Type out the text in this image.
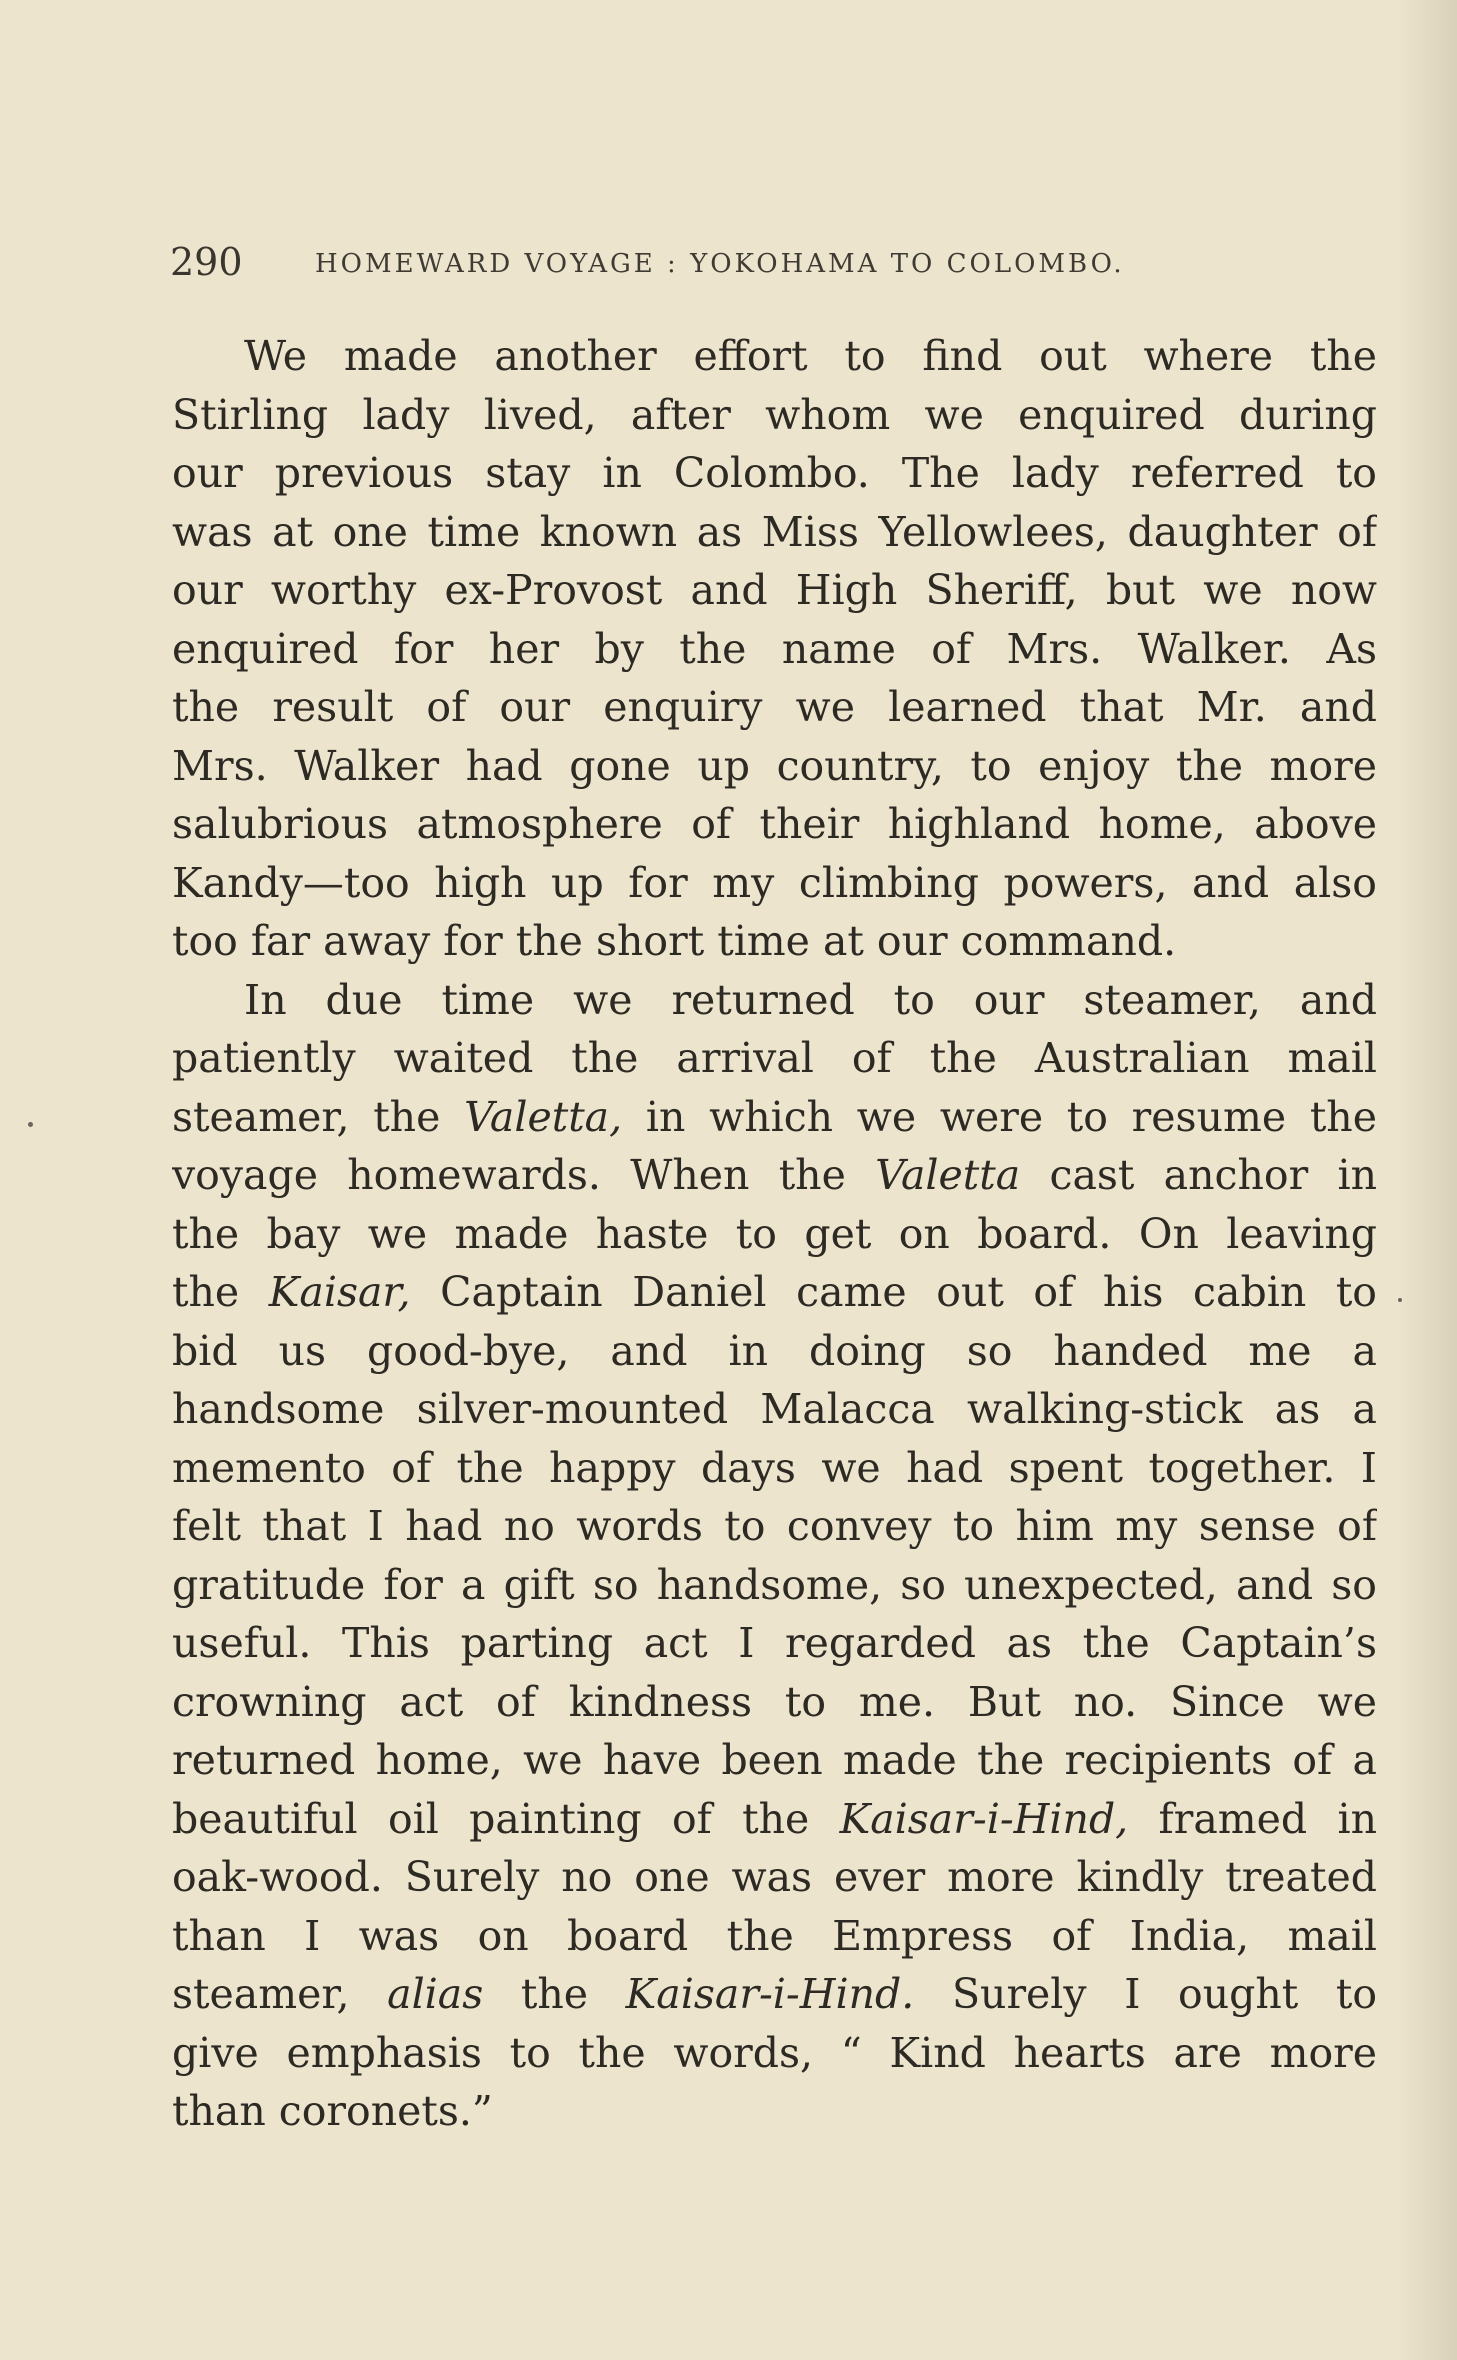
290	HOMEWARD VOYAGE : YOKOHAMA TO COLOMBO.
We made another effort to find out where the
Stirling lady lived, after whom we enquired during
our previous stay in Colombo. The lady referred to
was at one time known as Miss Yellowlees, daughter of
our worthy ex-Provost and High Sheriff, but we now
enquired for her by the name of Mrs. Walker. As
the result of our enquiry we learned that Mr. and
Mrs. Walker had gone up country, to enjoy the more
salubrious atmosphere of their highland home, above
Kandy—too high up for my climbing powers, and also
too far away for the short time at our command.
In due time we returned to our steamer, and
patiently waited the arrival of the Australian mail
steamer, the Valetta, in which we were to resume the
voyage homewards. When the Valetta cast anchor in
the bay we made haste to get on board. On leaving
the Kaisar, Captain Daniel came out of his cabin to
bid us good-bye, and in doing so handed me a
handsome silver-mounted Malacca walking-stick as a
memento of the happy days we had spent together. I
felt that I had no words to convey to him my sense of
gratitude for a gift so handsome, so unexpected, and so
useful. This parting act I regarded as the Captain’s
crowning act of kindness to me. But no. Since we
returned home, we have been made the recipients of a
beautiful oil painting of the Kaisar-i-Hind, framed in
oak-wood. Surely no one was ever more kindly treated
than I was on board the Empress of India, mail
steamer, alias the Kaisar-i-Hind. Surely I ought to
give emphasis to the words, “ Kind hearts are more
than coronets.”
